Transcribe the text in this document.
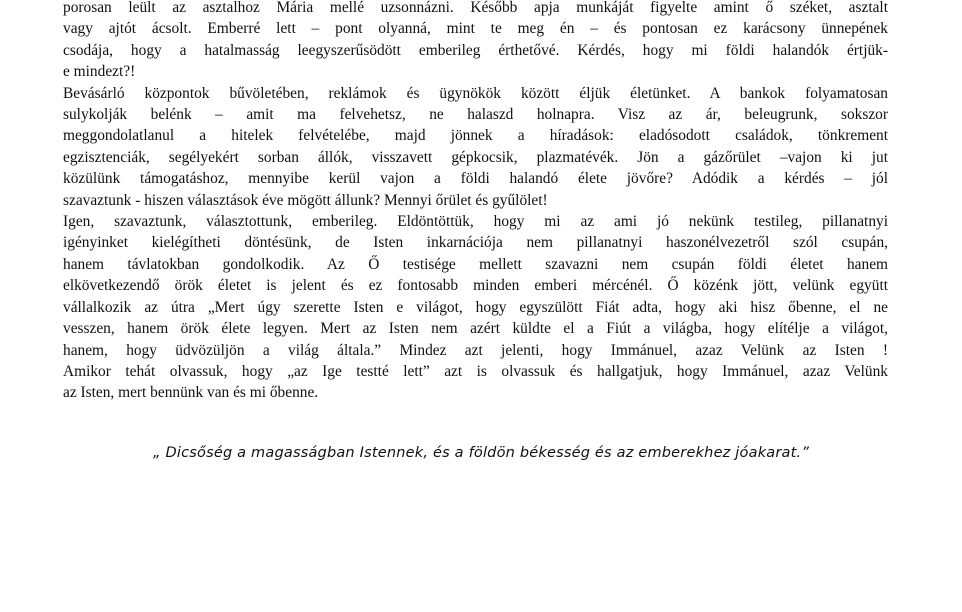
porosan leült az asztalhoz Mária mellé uzsonnázni. Később apja munkáját figyelte amint ő széket, asztalt
vagy ajtót ácsolt. Emberré lett – pont olyanná, mint te meg én – és pontosan ez karácsony ünnepének
csodája, hogy a hatalmasság leegyszerűsödött emberileg érthetővé. Kérdés, hogy mi földi halandók értjük-
e mindezt?!

Bevásárló központok bűvöletében, reklámok és ügynökök között éljük életünket. A bankok folyamatosan
sulykolják belénk – amit ma felvehetsz, ne halaszd holnapra. Visz az ár, beleugrunk, sokszor
meggondolatlanul a hitelek felvételébe, majd jönnek a híradások: eladósodott családok, tönkrement
egzisztenciák, segélyekért sorban állók, visszavett gépkocsik, plazmatévék. Jön a gázőrület –vajon ki jut
közülünk támogatáshoz, mennyibe kerül vajon a földi halandó élete jövőre? Adódik a kérdés – jól
szavaztunk - hiszen választások éve mögött állunk? Mennyi őrület és gyűlölet!

Igen, szavaztunk, választottunk, emberileg. Eldöntöttük, hogy mi az ami jó nekünk testileg, pillanatnyi
igényinket kielégítheti döntésünk, de Isten inkarnációja nem pillanatnyi haszonélvezetről szól csupán,
hanem távlatokban gondolkodik. Az Ő testisége mellett szavazni nem csupán földi életet hanem
elkövetkezendő örök életet is jelent és ez fontosabb minden emberi mércénél. Ő közénk jött, velünk együtt
vállalkozik az útra „Mert úgy szerette Isten e világot, hogy egyszülött Fiát adta, hogy aki hisz őbenne, el ne
vesszen, hanem örök élete legyen. Mert az Isten nem azért küldte el a Fiút a világba, hogy elítélje a világot,
hanem, hogy üdvözüljön a világ általa.” Mindez azt jelenti, hogy Immánuel, azaz Velünk az Isten !
Amikor tehát olvassuk, hogy „az Ige testté lett” azt is olvassuk és hallgatjuk, hogy Immánuel, azaz Velünk
az Isten, mert bennünk van és mi őbenne.

„ Dicsőség a magasságban Istennek, és a földön békesség és az emberekhez jóakarat.”
